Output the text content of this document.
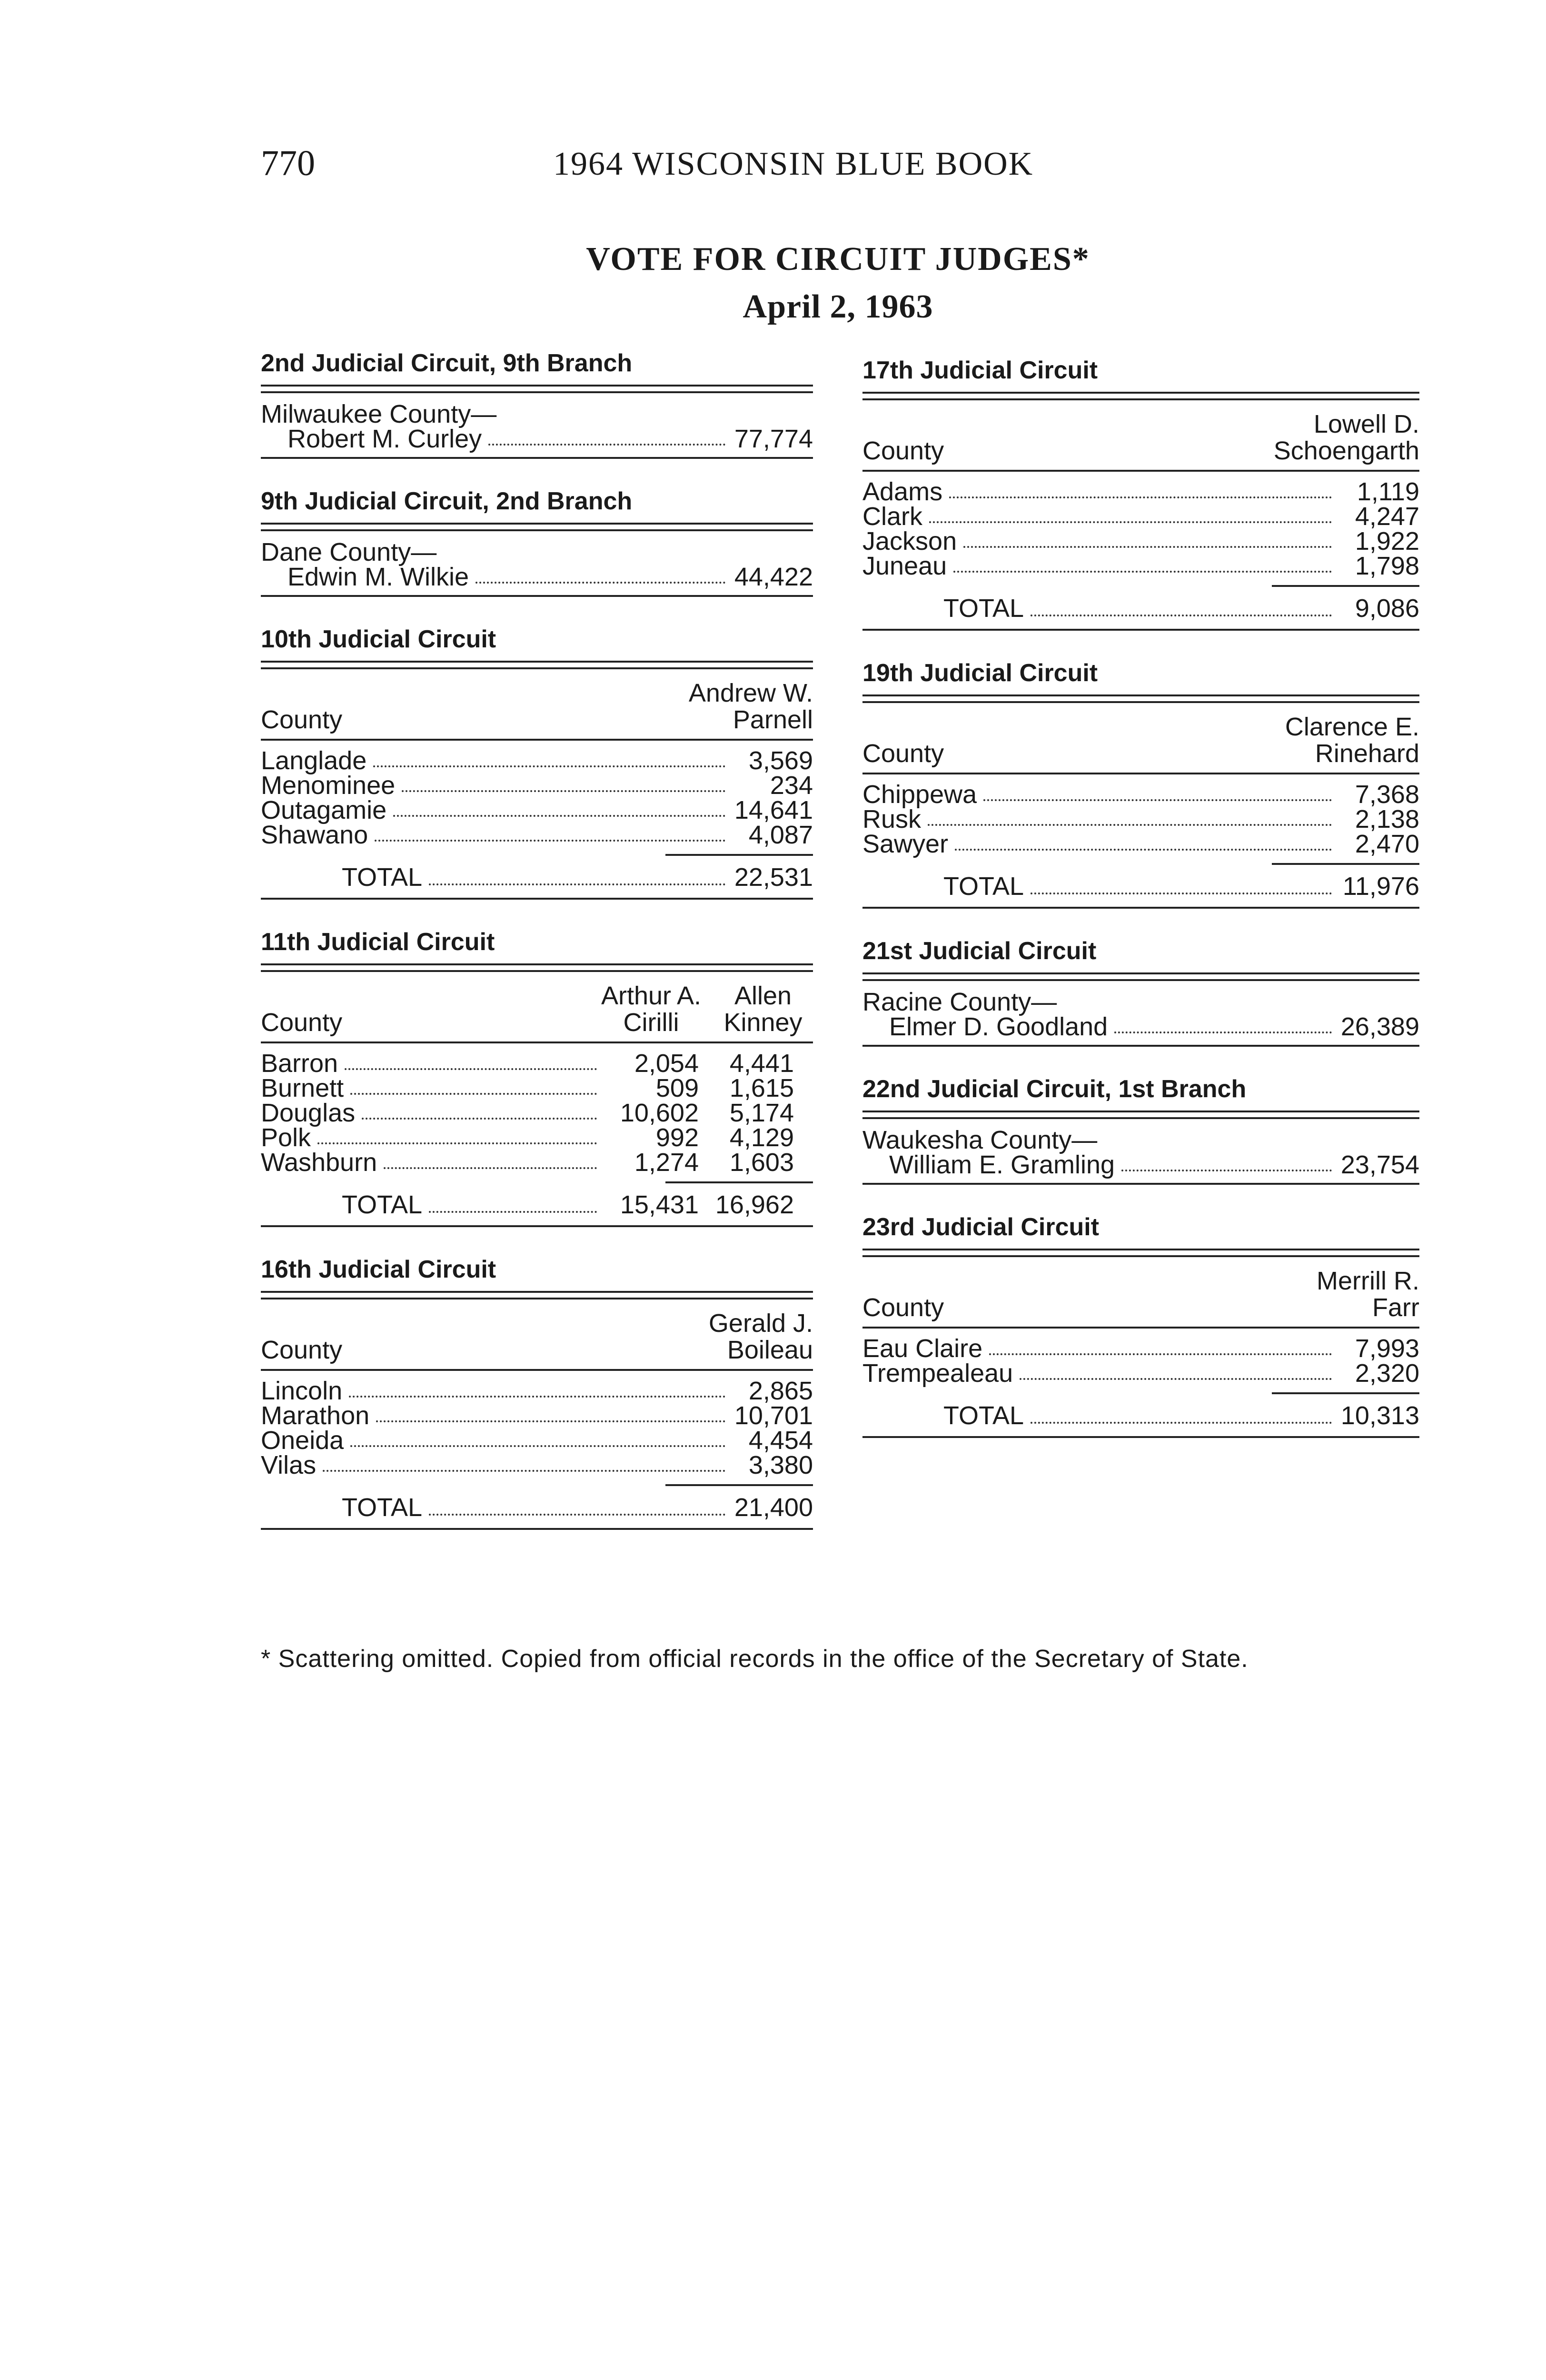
770	1964 WISCONSIN BLUE BOOK
VOTE FOR CIRCUIT JUDGES*
April 2, 1963
2nd Judicial Circuit, 9th Branch
Milwaukee County—
Robert M. Curley	77,774
9th Judicial Circuit, 2nd Branch
Dane County—
Edwin M. Wilkie	44,422
10th Judicial Circuit
County
Andrew W.
Parnell
Langlade	3,569
Menominee	234
Outagamie	14,641
Shawano	4,087
TOTAL	22,531
11th Judicial Circuit
County
Arthur A.
Cirilli
Allen
Kinney
Barron	2,054	4,441
Burnett	509	1,615
Douglas	10,602	5,174
Polk	992	4,129
Washburn	1,274	1,603
TOTAL	15,431 16,962
16th Judicial Circuit
County
Gerald J.
Boileau
Lincoln	2,865
Marathon	10,701
Oneida	4,454
Vilas	3,380
TOTAL	21,400
17th Judicial Circuit
County
Lowell D.
Schoengarth
Adams	1,119
Clark	4,247
Jackson	1,922
Juneau	1,798
TOTAL	9,086
19th Judicial Circuit
County
Clarence E.
Rinehard
Chippewa	7,368
Rusk	2,138
Sawyer	2,470
TOTAL	11,976
21st Judicial Circuit
Racine County—
Elmer D. Goodland	26,389
22nd Judicial Circuit, 1st Branch
Waukesha County—
William E. Gramling	23,754
23rd Judicial Circuit
County
Merrill R.
Farr
Eau Claire	7,993
Trempealeau	2,320
TOTAL	10,313
* Scattering omitted. Copied from official records in the office of the Secretary of State.
